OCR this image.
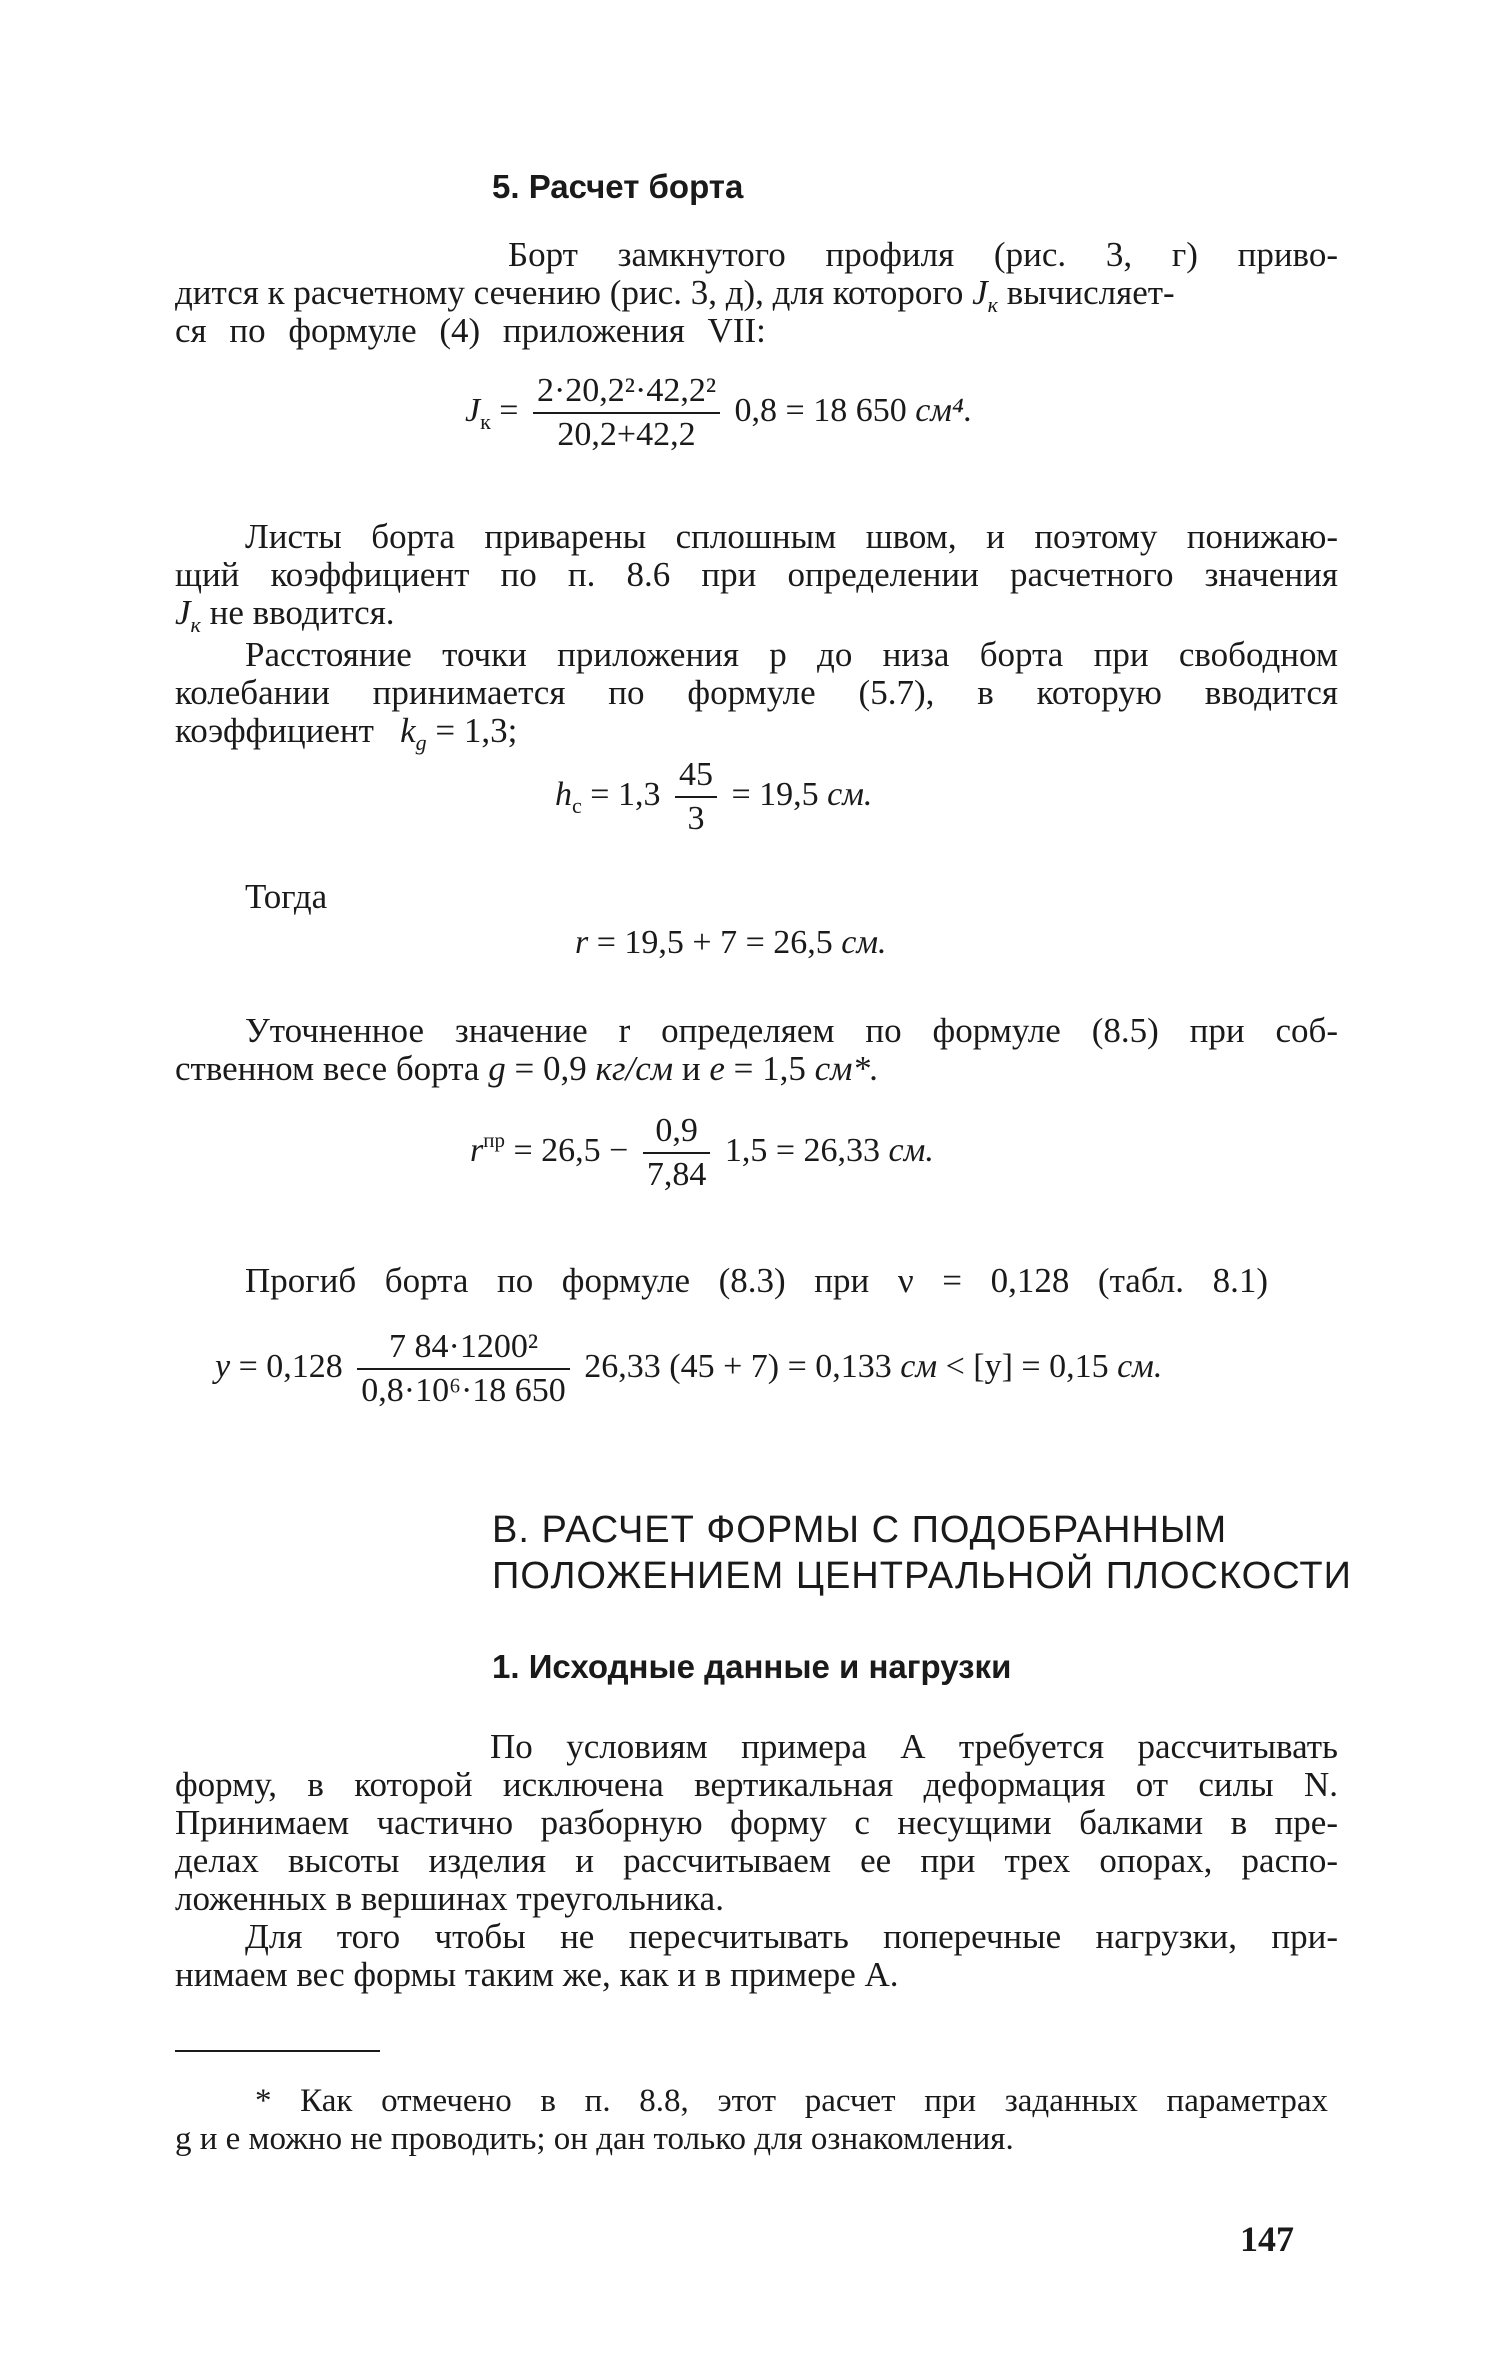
5. Расчет борта
Борт замкнутого профиля (рис. 3, г) приво-
дится к расчетному сечению (рис. 3, д), для которого $J_к$ вычисляет-
ся по формуле (4) приложения VII:
$J_к = \frac{\text{2·20,2²·42,2²}}{20,2+42,2} 0,8 = 18$ 650 см⁴.
Листы борта приварены сплошным швом, и поэтому понижаю-
щий коэффициент по п. 8.6 при определении расчетного значения
$J_к$ не вводится.
Расстояние точки приложения p до низа борта при свободном
колебании принимается по формуле (5.7), в которую вводится
коэффициент $k_g = 1,3$;
$h_c = 1,3 \frac{45}{3} = 19,5$ см.
Тогда
r = 19,5 + 7 = 26,5 см.
Уточненное значение r определяем по формуле (8.5) при соб-
ственном весе борта g = 0,9 кг/см и e = 1,5 см*.
$r^{пр} = 26,5 - \frac{0,9}{7,84} 1,5 = 26,33$ см.
Прогиб борта по формуле (8.3) при ν = 0,128 (табл. 8.1)
$y = 0,128 \frac{\text{7 84·1200²}}{\text{0,8·10⁶·18 650}} 26,33$ (45 + 7) = 0,133 см < [y] = 0,15 см.
В. РАСЧЕТ ФОРМЫ С ПОДОБРАННЫМ
ПОЛОЖЕНИЕМ ЦЕНТРАЛЬНОЙ ПЛОСКОСТИ
1. Исходные данные и нагрузки
По условиям примера А требуется рассчитывать
форму, в которой исключена вертикальная деформация от силы N.
Принимаем частично разборную форму с несущими балками в пре-
делах высоты изделия и рассчитываем ее при трех опорах, распо-
ложенных в вершинах треугольника.
Для того чтобы не пересчитывать поперечные нагрузки, при-
нимаем вес формы таким же, как и в примере А.
* Как отмечено в п. 8.8, этот расчет при заданных параметрах
g и e можно не проводить; он дан только для ознакомления.
147
